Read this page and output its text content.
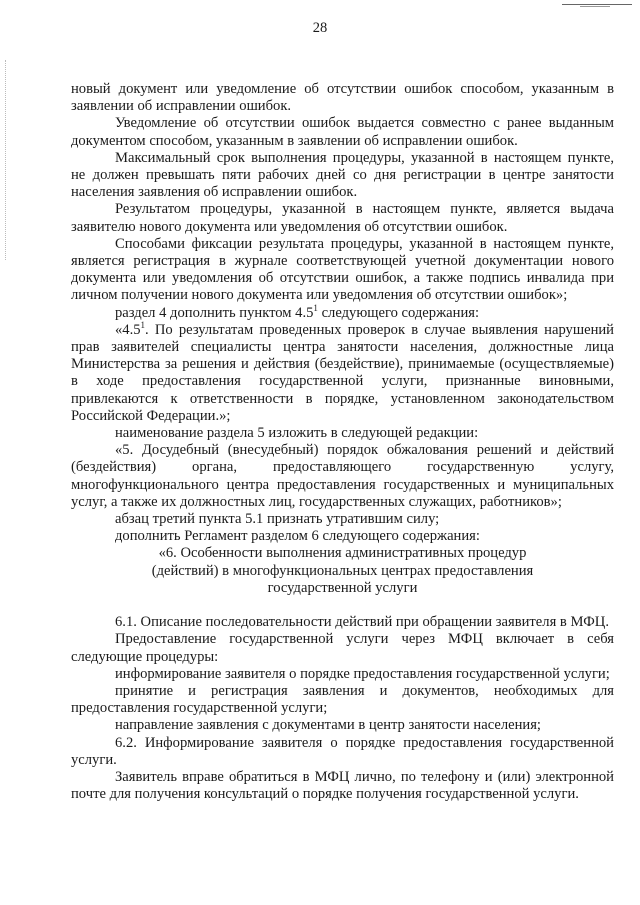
28

новый документ или уведомление об отсутствии ошибок способом, указанным в заявлении об исправлении ошибок.

Уведомление об отсутствии ошибок выдается совместно с ранее выданным документом способом, указанным в заявлении об исправлении ошибок.

Максимальный срок выполнения процедуры, указанной в настоящем пункте, не должен превышать пяти рабочих дней со дня регистрации в центре занятости населения заявления об исправлении ошибок.

Результатом процедуры, указанной в настоящем пункте, является выдача заявителю нового документа или уведомления об отсутствии ошибок.

Способами фиксации результата процедуры, указанной в настоящем пункте, является регистрация в журнале соответствующей учетной документации нового документа или уведомления об отсутствии ошибок, а также подпись инвалида при личном получении нового документа или уведомления об отсутствии ошибок»;

раздел 4 дополнить пунктом $4.5^1$ следующего содержания:

«$4.5^1$. По результатам проведенных проверок в случае выявления нарушений прав заявителей специалисты центра занятости населения, должностные лица Министерства за решения и действия (бездействие), принимаемые (осуществляемые) в ходе предоставления государственной услуги, признанные виновными, привлекаются к ответственности в порядке, установленном законодательством Российской Федерации.»;

наименование раздела 5 изложить в следующей редакции:

«5. Досудебный (внесудебный) порядок обжалования решений и действий (бездействия) органа, предоставляющего государственную услугу, многофункционального центра предоставления государственных и муниципальных услуг, а также их должностных лиц, государственных служащих, работников»;

абзац третий пункта 5.1 признать утратившим силу;

дополнить Регламент разделом 6 следующего содержания:

«6. Особенности выполнения административных процедур

(действий) в многофункциональных центрах предоставления

государственной услуги

6.1. Описание последовательности действий при обращении заявителя в МФЦ.

Предоставление государственной услуги через МФЦ включает в себя следующие процедуры:

информирование заявителя о порядке предоставления государственной услуги;

принятие и регистрация заявления и документов, необходимых для предоставления государственной услуги;

направление заявления с документами в центр занятости населения;

6.2. Информирование заявителя о порядке предоставления государственной услуги.

Заявитель вправе обратиться в МФЦ лично, по телефону и (или) электронной почте для получения консультаций о порядке получения государственной услуги.
